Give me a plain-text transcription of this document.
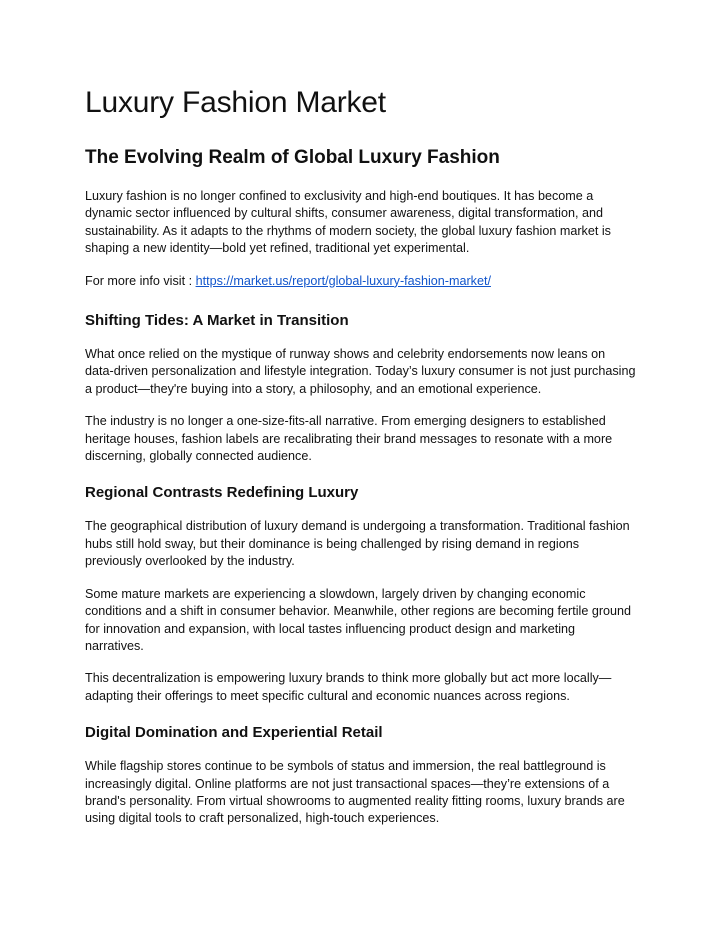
Luxury Fashion Market
The Evolving Realm of Global Luxury Fashion

Luxury fashion is no longer confined to exclusivity and high-end boutiques. It has become a dynamic sector influenced by cultural shifts, consumer awareness, digital transformation, and sustainability. As it adapts to the rhythms of modern society, the global luxury fashion market is shaping a new identity—bold yet refined, traditional yet experimental.

For more info visit : https://market.us/report/global-luxury-fashion-market/

Shifting Tides: A Market in Transition

What once relied on the mystique of runway shows and celebrity endorsements now leans on data-driven personalization and lifestyle integration. Today’s luxury consumer is not just purchasing a product—they're buying into a story, a philosophy, and an emotional experience.

The industry is no longer a one-size-fits-all narrative. From emerging designers to established heritage houses, fashion labels are recalibrating their brand messages to resonate with a more discerning, globally connected audience.

Regional Contrasts Redefining Luxury

The geographical distribution of luxury demand is undergoing a transformation. Traditional fashion hubs still hold sway, but their dominance is being challenged by rising demand in regions previously overlooked by the industry.

Some mature markets are experiencing a slowdown, largely driven by changing economic conditions and a shift in consumer behavior. Meanwhile, other regions are becoming fertile ground for innovation and expansion, with local tastes influencing product design and marketing narratives.

This decentralization is empowering luxury brands to think more globally but act more locally—adapting their offerings to meet specific cultural and economic nuances across regions.

Digital Domination and Experiential Retail

While flagship stores continue to be symbols of status and immersion, the real battleground is increasingly digital. Online platforms are not just transactional spaces—they’re extensions of a brand's personality. From virtual showrooms to augmented reality fitting rooms, luxury brands are using digital tools to craft personalized, high-touch experiences.
